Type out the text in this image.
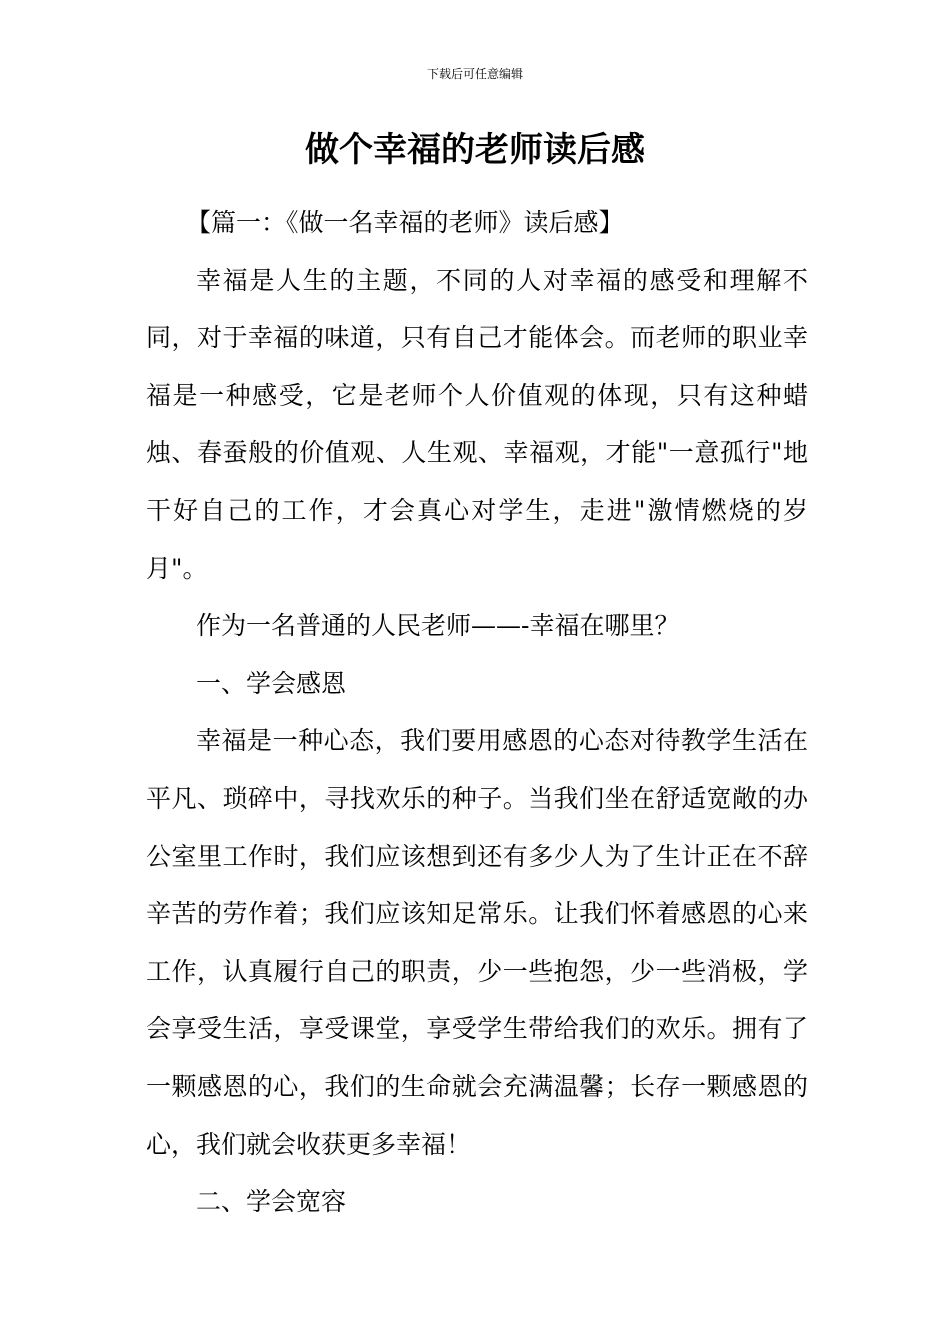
下载后可任意编辑
做个幸福的老师读后感

【篇一：《做一名幸福的老师》读后感】

幸福是人生的主题，不同的人对幸福的感受和理解不同，对于幸福的味道，只有自己才能体会。而老师的职业幸福是一种感受，它是老师个人价值观的体现，只有这种蜡烛、春蚕般的价值观、人生观、幸福观，才能"一意孤行"地干好自己的工作，才会真心对学生，走进"激情燃烧的岁月"。

作为一名普通的人民老师——-幸福在哪里？

一、学会感恩

幸福是一种心态，我们要用感恩的心态对待教学生活在平凡、琐碎中，寻找欢乐的种子。当我们坐在舒适宽敞的办公室里工作时，我们应该想到还有多少人为了生计正在不辞辛苦的劳作着；我们应该知足常乐。让我们怀着感恩的心来工作，认真履行自己的职责，少一些抱怨，少一些消极，学会享受生活，享受课堂，享受学生带给我们的欢乐。拥有了一颗感恩的心，我们的生命就会充满温馨；长存一颗感恩的心，我们就会收获更多幸福！

二、学会宽容
